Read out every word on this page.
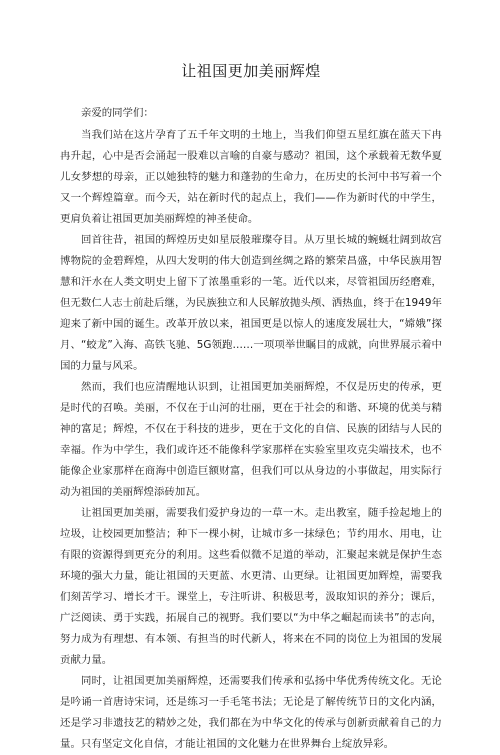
让祖国更加美丽辉煌

亲爱的同学们：

当我们站在这片孕育了五千年文明的土地上，当我们仰望五星红旗在蓝天下冉冉升起，心中是否会涌起一股难以言喻的自豪与感动？祖国，这个承载着无数华夏儿女梦想的母亲，正以她独特的魅力和蓬勃的生命力，在历史的长河中书写着一个又一个辉煌篇章。而今天，站在新时代的起点上，我们——作为新时代的中学生，更肩负着让祖国更加美丽辉煌的神圣使命。

回首往昔，祖国的辉煌历史如星辰般璀璨夺目。从万里长城的蜿蜒壮阔到故宫博物院的金碧辉煌，从四大发明的伟大创造到丝绸之路的繁荣昌盛，中华民族用智慧和汗水在人类文明史上留下了浓墨重彩的一笔。近代以来，尽管祖国历经磨难，但无数仁人志士前赴后继，为民族独立和人民解放抛头颅、洒热血，终于在1949年迎来了新中国的诞生。改革开放以来，祖国更是以惊人的速度发展壮大，“嫦娥”探月、“蛟龙”入海、高铁飞驰、5G领跑……一项项举世瞩目的成就，向世界展示着中国的力量与风采。

然而，我们也应清醒地认识到，让祖国更加美丽辉煌，不仅是历史的传承，更是时代的召唤。美丽，不仅在于山河的壮丽，更在于社会的和谐、环境的优美与精神的富足；辉煌，不仅在于科技的进步，更在于文化的自信、民族的团结与人民的幸福。作为中学生，我们或许还不能像科学家那样在实验室里攻克尖端技术，也不能像企业家那样在商海中创造巨额财富，但我们可以从身边的小事做起，用实际行动为祖国的美丽辉煌添砖加瓦。

让祖国更加美丽，需要我们爱护身边的一草一木。走出教室，随手捡起地上的垃圾，让校园更加整洁；种下一棵小树，让城市多一抹绿色；节约用水、用电，让有限的资源得到更充分的利用。这些看似微不足道的举动，汇聚起来就是保护生态环境的强大力量，能让祖国的天更蓝、水更清、山更绿。让祖国更加辉煌，需要我们刻苦学习、增长才干。课堂上，专注听讲、积极思考，汲取知识的养分；课后，广泛阅读、勇于实践，拓展自己的视野。我们要以“为中华之崛起而读书”的志向，努力成为有理想、有本领、有担当的时代新人，将来在不同的岗位上为祖国的发展贡献力量。

同时，让祖国更加美丽辉煌，还需要我们传承和弘扬中华优秀传统文化。无论是吟诵一首唐诗宋词，还是练习一手毛笔书法；无论是了解传统节日的文化内涵，还是学习非遗技艺的精妙之处，我们都在为中华文化的传承与创新贡献着自己的力量。只有坚定文化自信，才能让祖国的文化魅力在世界舞台上绽放异彩。
